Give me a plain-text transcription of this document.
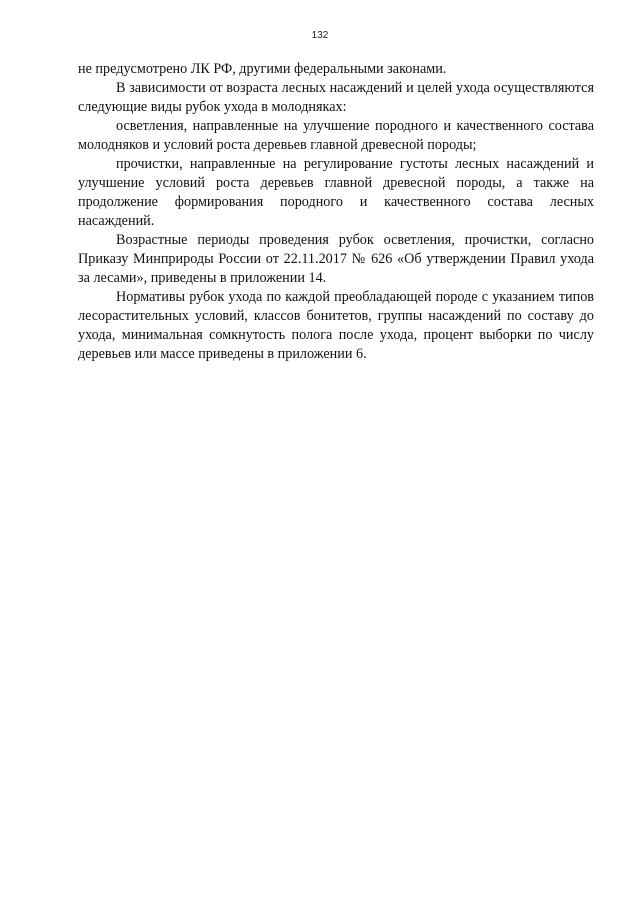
132

не предусмотрено ЛК РФ, другими федеральными законами.

В зависимости от возраста лесных насаждений и целей ухода осуществляются следующие виды рубок ухода в молодняках:

осветления, направленные на улучшение породного и качественного состава молодняков и условий роста деревьев главной древесной породы;

прочистки, направленные на регулирование густоты лесных насаждений и улучшение условий роста деревьев главной древесной породы, а также на продолжение формирования породного и качественного состава лесных насаждений.

Возрастные периоды проведения рубок осветления, прочистки, согласно Приказу Минприроды России от 22.11.2017 № 626 «Об утверждении Правил ухода за лесами», приведены в приложении 14.

Нормативы рубок ухода по каждой преобладающей породе с указанием типов лесорастительных условий, классов бонитетов, группы насаждений по составу до ухода, минимальная сомкнутость полога после ухода, процент выборки по числу деревьев или массе приведены в приложении 6.
